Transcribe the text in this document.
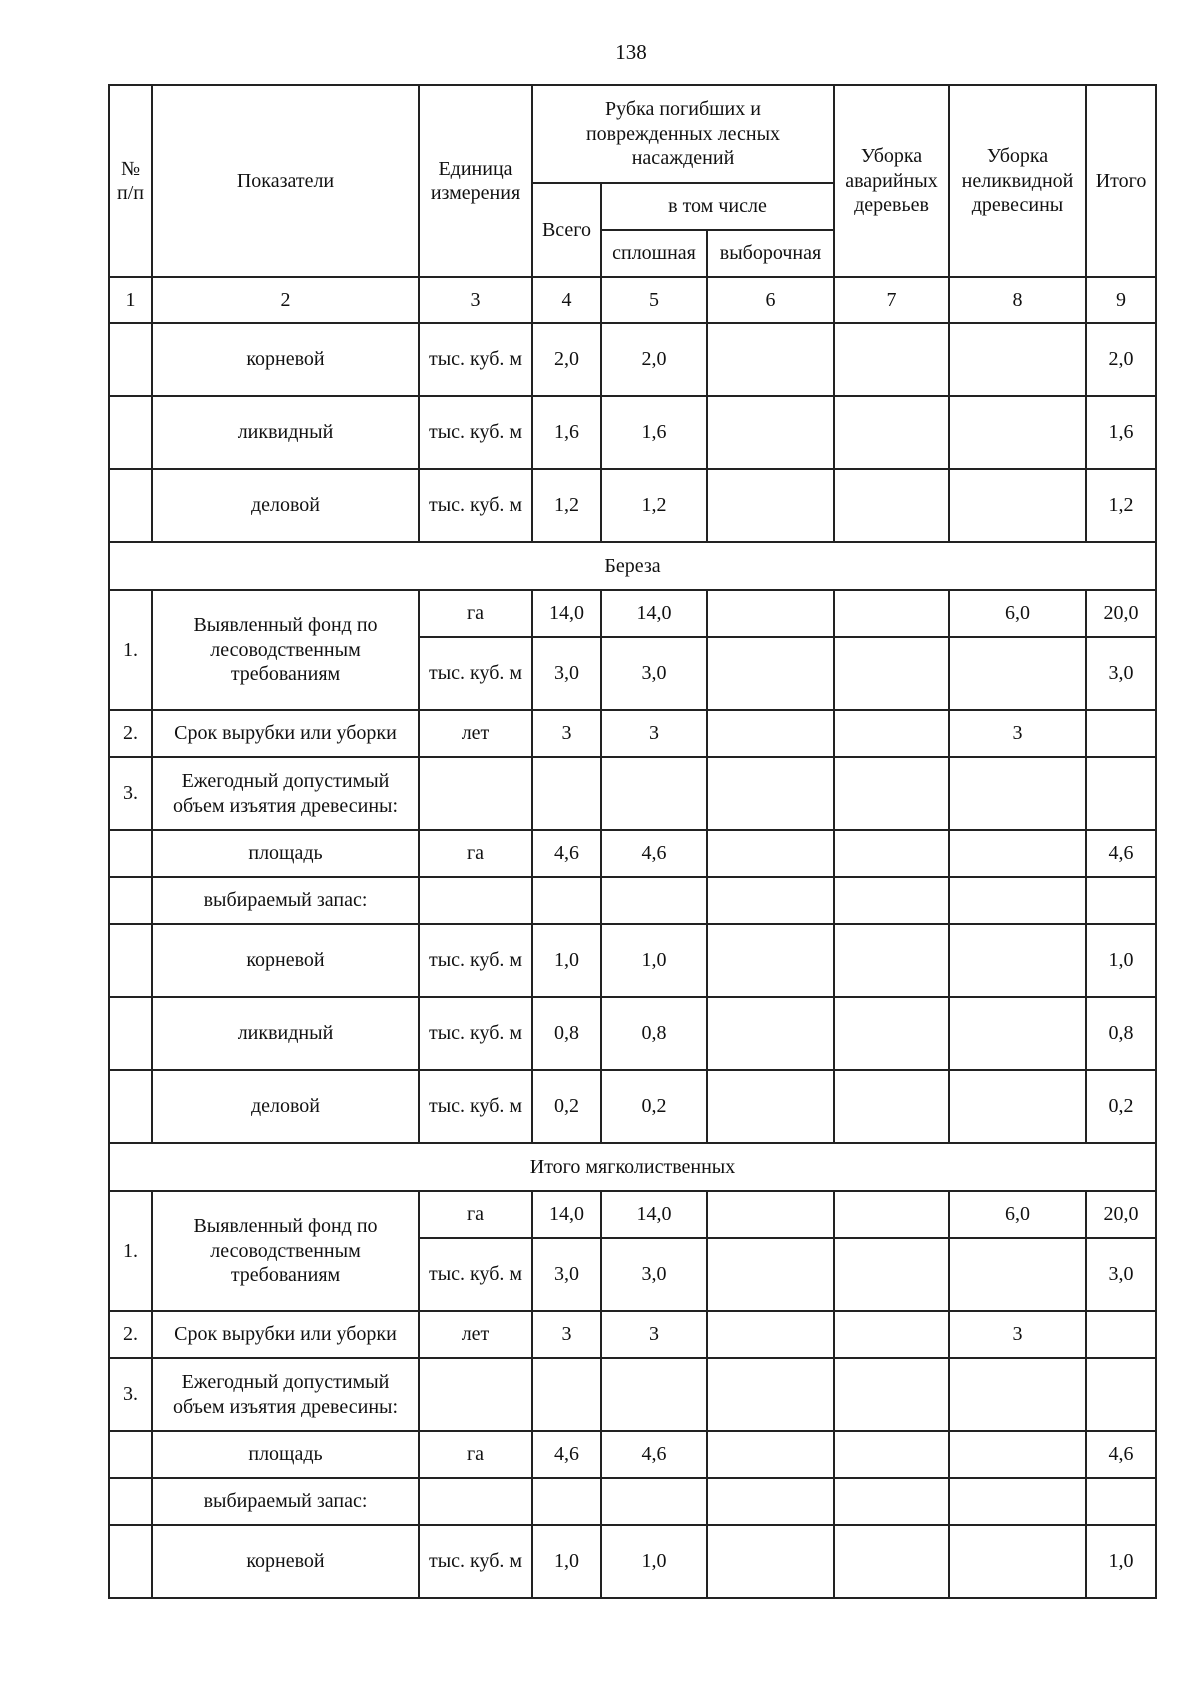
138
№ п/п	Показатели	Единица измерения	Рубка погибших и поврежденных лесных насаждений			Уборка аварийных деревьев	Уборка неликвидной древесины	Итого
			Всего	в том числе				
				сплошная	выборочная			
1	2	3	4	5	6	7	8	9
	корневой	тыс. куб. м	2,0	2,0				2,0
	ликвидный	тыс. куб. м	1,6	1,6				1,6
	деловой	тыс. куб. м	1,2	1,2				1,2
Береза								
1.	Выявленный фонд по лесоводственным требованиям	га	14,0	14,0			6,0	20,0
		тыс. куб. м	3,0	3,0				3,0
2.	Срок вырубки или уборки	лет	3	3			3	
3.	Ежегодный допустимый объем изъятия древесины:							
	площадь	га	4,6	4,6				4,6
	выбираемый запас:							
	корневой	тыс. куб. м	1,0	1,0				1,0
	ликвидный	тыс. куб. м	0,8	0,8				0,8
	деловой	тыс. куб. м	0,2	0,2				0,2
Итого мягколиственных								
1.	Выявленный фонд по лесоводственным требованиям	га	14,0	14,0			6,0	20,0
		тыс. куб. м	3,0	3,0				3,0
2.	Срок вырубки или уборки	лет	3	3			3	
3.	Ежегодный допустимый объем изъятия древесины:							
	площадь	га	4,6	4,6				4,6
	выбираемый запас:							
	корневой	тыс. куб. м	1,0	1,0				1,0
